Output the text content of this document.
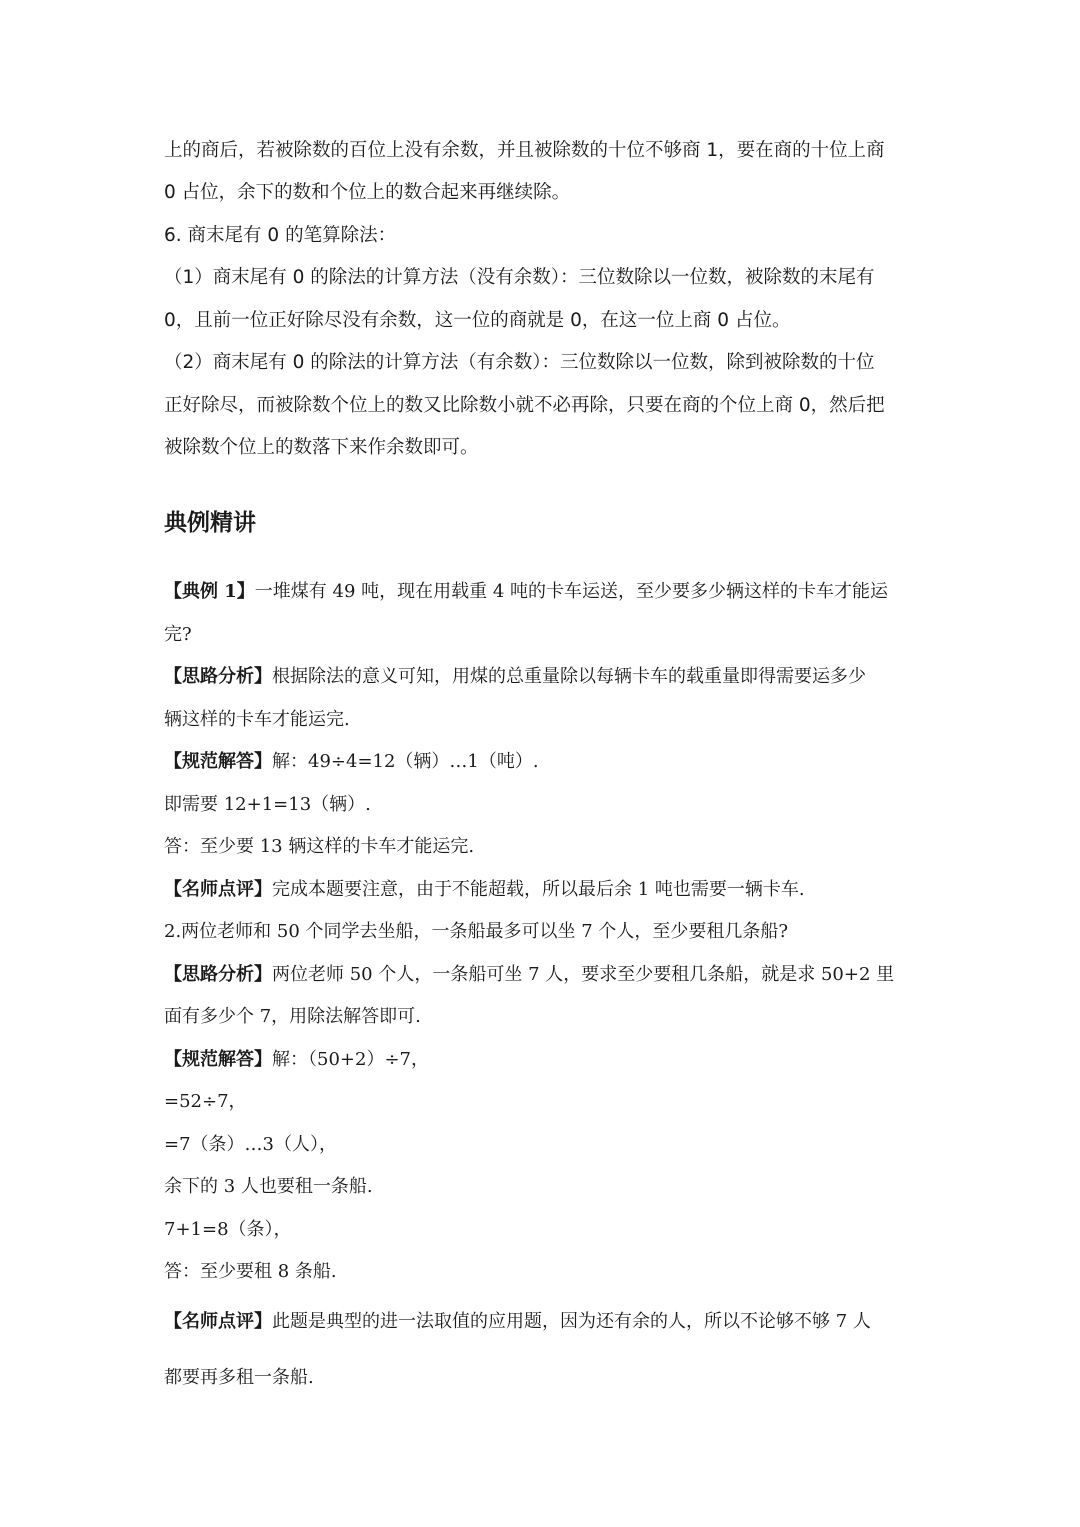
上的商后，若被除数的百位上没有余数，并且被除数的十位不够商 1，要在商的十位上商
0 占位，余下的数和个位上的数合起来再继续除。
6. 商末尾有 0 的笔算除法：
（1）商末尾有 0 的除法的计算方法（没有余数）：三位数除以一位数，被除数的末尾有
0，且前一位正好除尽没有余数，这一位的商就是 0，在这一位上商 0 占位。
（2）商末尾有 0 的除法的计算方法（有余数）：三位数除以一位数，除到被除数的十位
正好除尽，而被除数个位上的数又比除数小就不必再除，只要在商的个位上商 0，然后把
被除数个位上的数落下来作余数即可。
典例精讲
【典例 1】一堆煤有 49 吨，现在用载重 4 吨的卡车运送，至少要多少辆这样的卡车才能运
完?
【思路分析】根据除法的意义可知，用煤的总重量除以每辆卡车的载重量即得需要运多少
辆这样的卡车才能运完.
【规范解答】解：49÷4=12（辆）…1（吨）.
即需要 12+1=13（辆）.
答：至少要 13 辆这样的卡车才能运完.
【名师点评】完成本题要注意，由于不能超载，所以最后余 1 吨也需要一辆卡车.
2.两位老师和 50 个同学去坐船，一条船最多可以坐 7 个人，至少要租几条船?
【思路分析】两位老师 50 个人，一条船可坐 7 人，要求至少要租几条船，就是求 50+2 里
面有多少个 7，用除法解答即可.
【规范解答】解：（50+2）÷7，
=52÷7，
=7（条）…3（人），
余下的 3 人也要租一条船.
7+1=8（条），
答：至少要租 8 条船.
【名师点评】此题是典型的进一法取值的应用题，因为还有余的人，所以不论够不够 7 人
都要再多租一条船.
